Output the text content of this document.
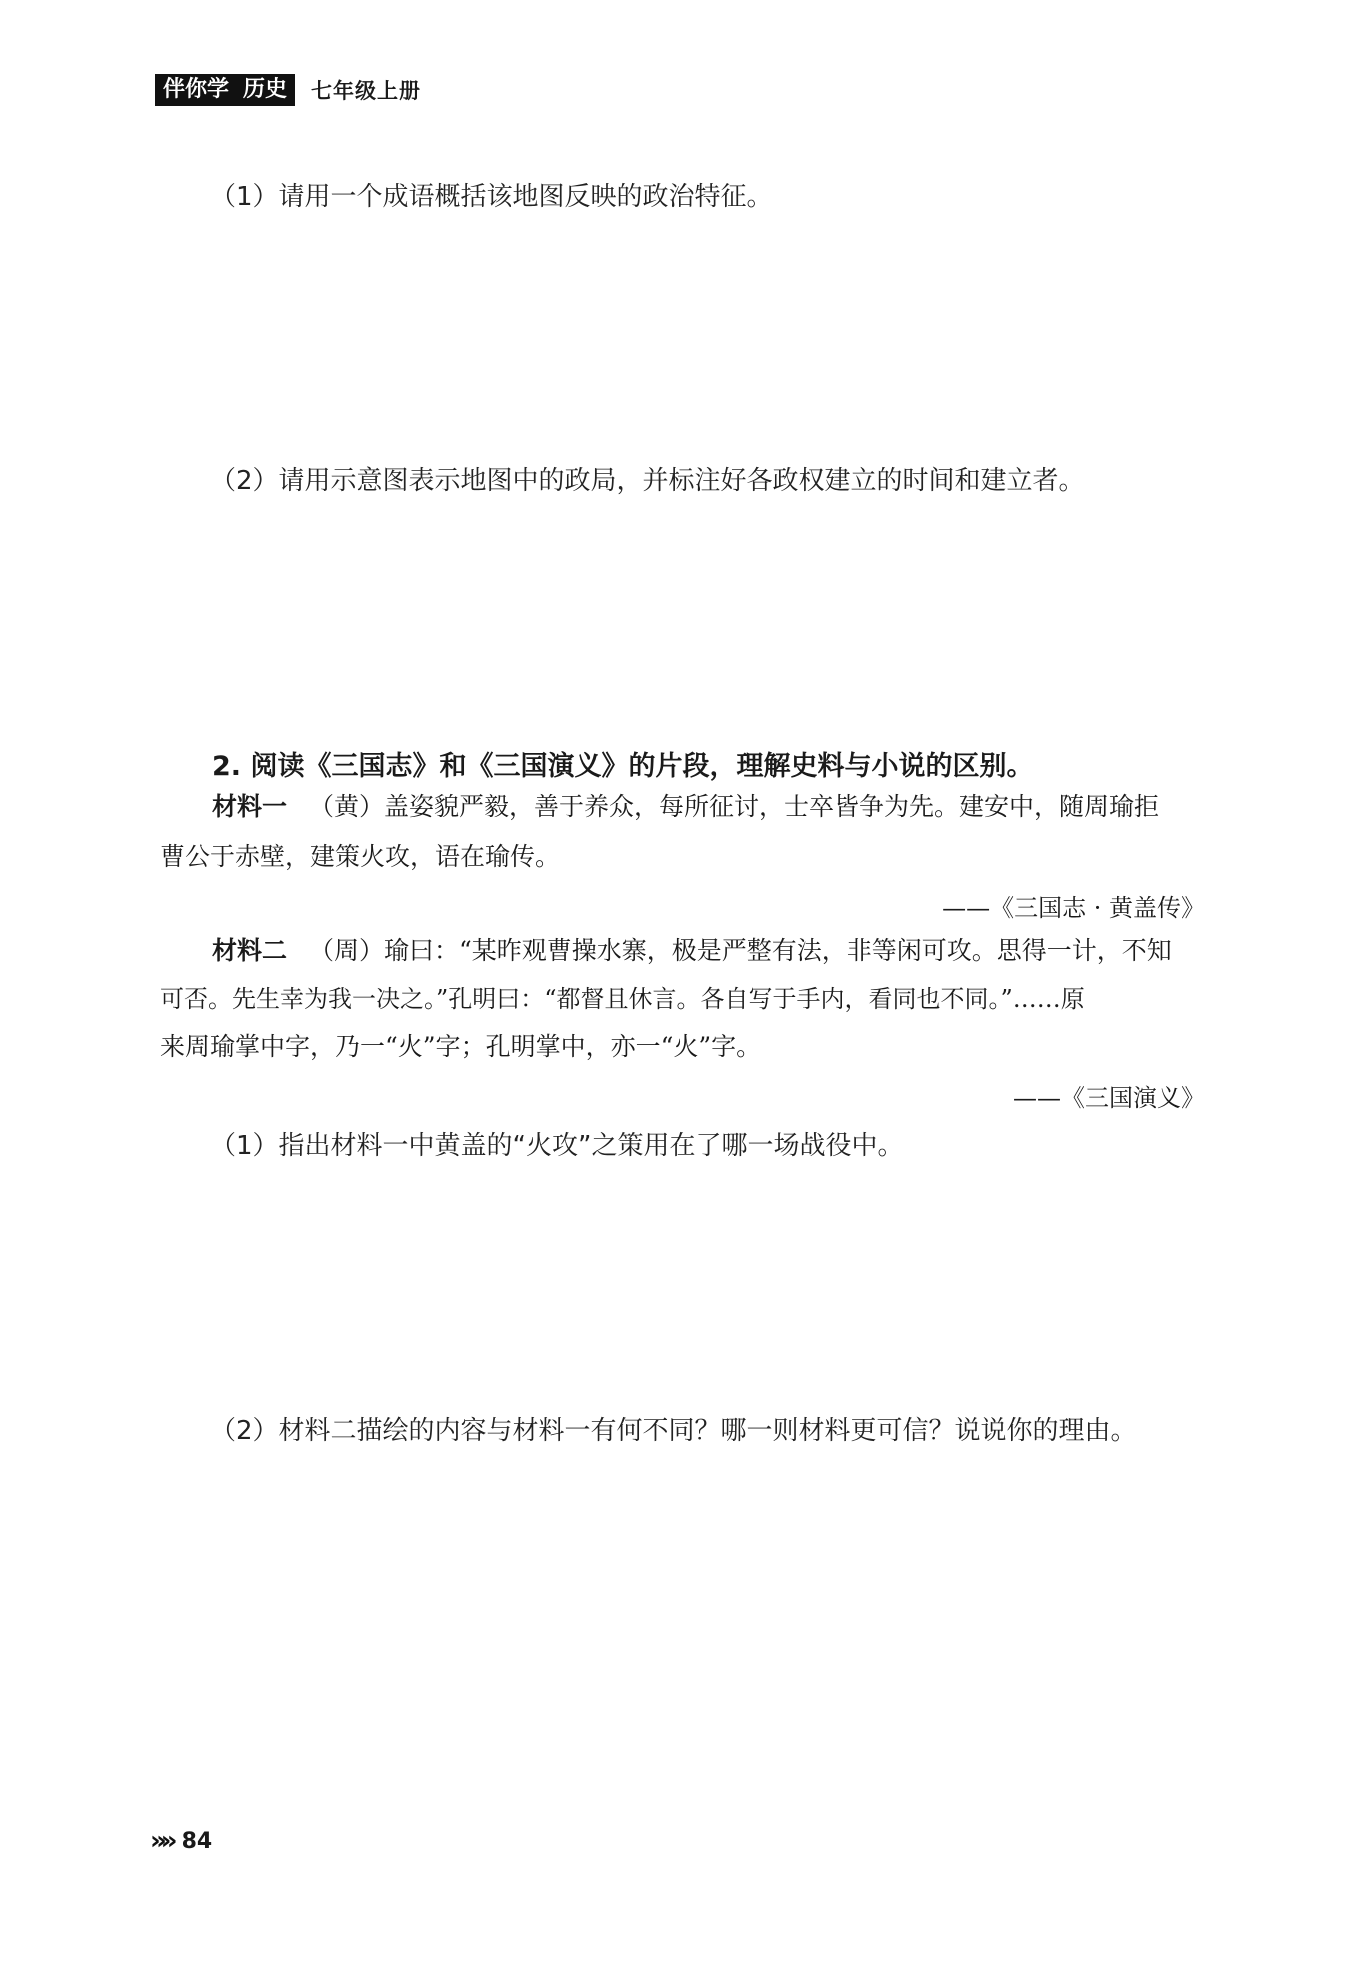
伴你学 历史 七年级上册
（1）请用一个成语概括该地图反映的政治特征。
（2）请用示意图表示地图中的政局，并标注好各政权建立的时间和建立者。
2. 阅读《三国志》和《三国演义》的片段，理解史料与小说的区别。
材料一 （黄）盖姿貌严毅，善于养众，每所征讨，士卒皆争为先。建安中，随周瑜拒
曹公于赤壁，建策火攻，语在瑜传。
——《三国志 · 黄盖传》
材料二 （周）瑜曰：“某昨观曹操水寨，极是严整有法，非等闲可攻。思得一计，不知
可否。先生幸为我一决之。”孔明曰：“都督且休言。各自写于手内，看同也不同。”……原
来周瑜掌中字，乃一“火”字；孔明掌中，亦一“火”字。
——《三国演义》
（1）指出材料一中黄盖的“火攻”之策用在了哪一场战役中。
（2）材料二描绘的内容与材料一有何不同？哪一则材料更可信？说说你的理由。
»» 84
